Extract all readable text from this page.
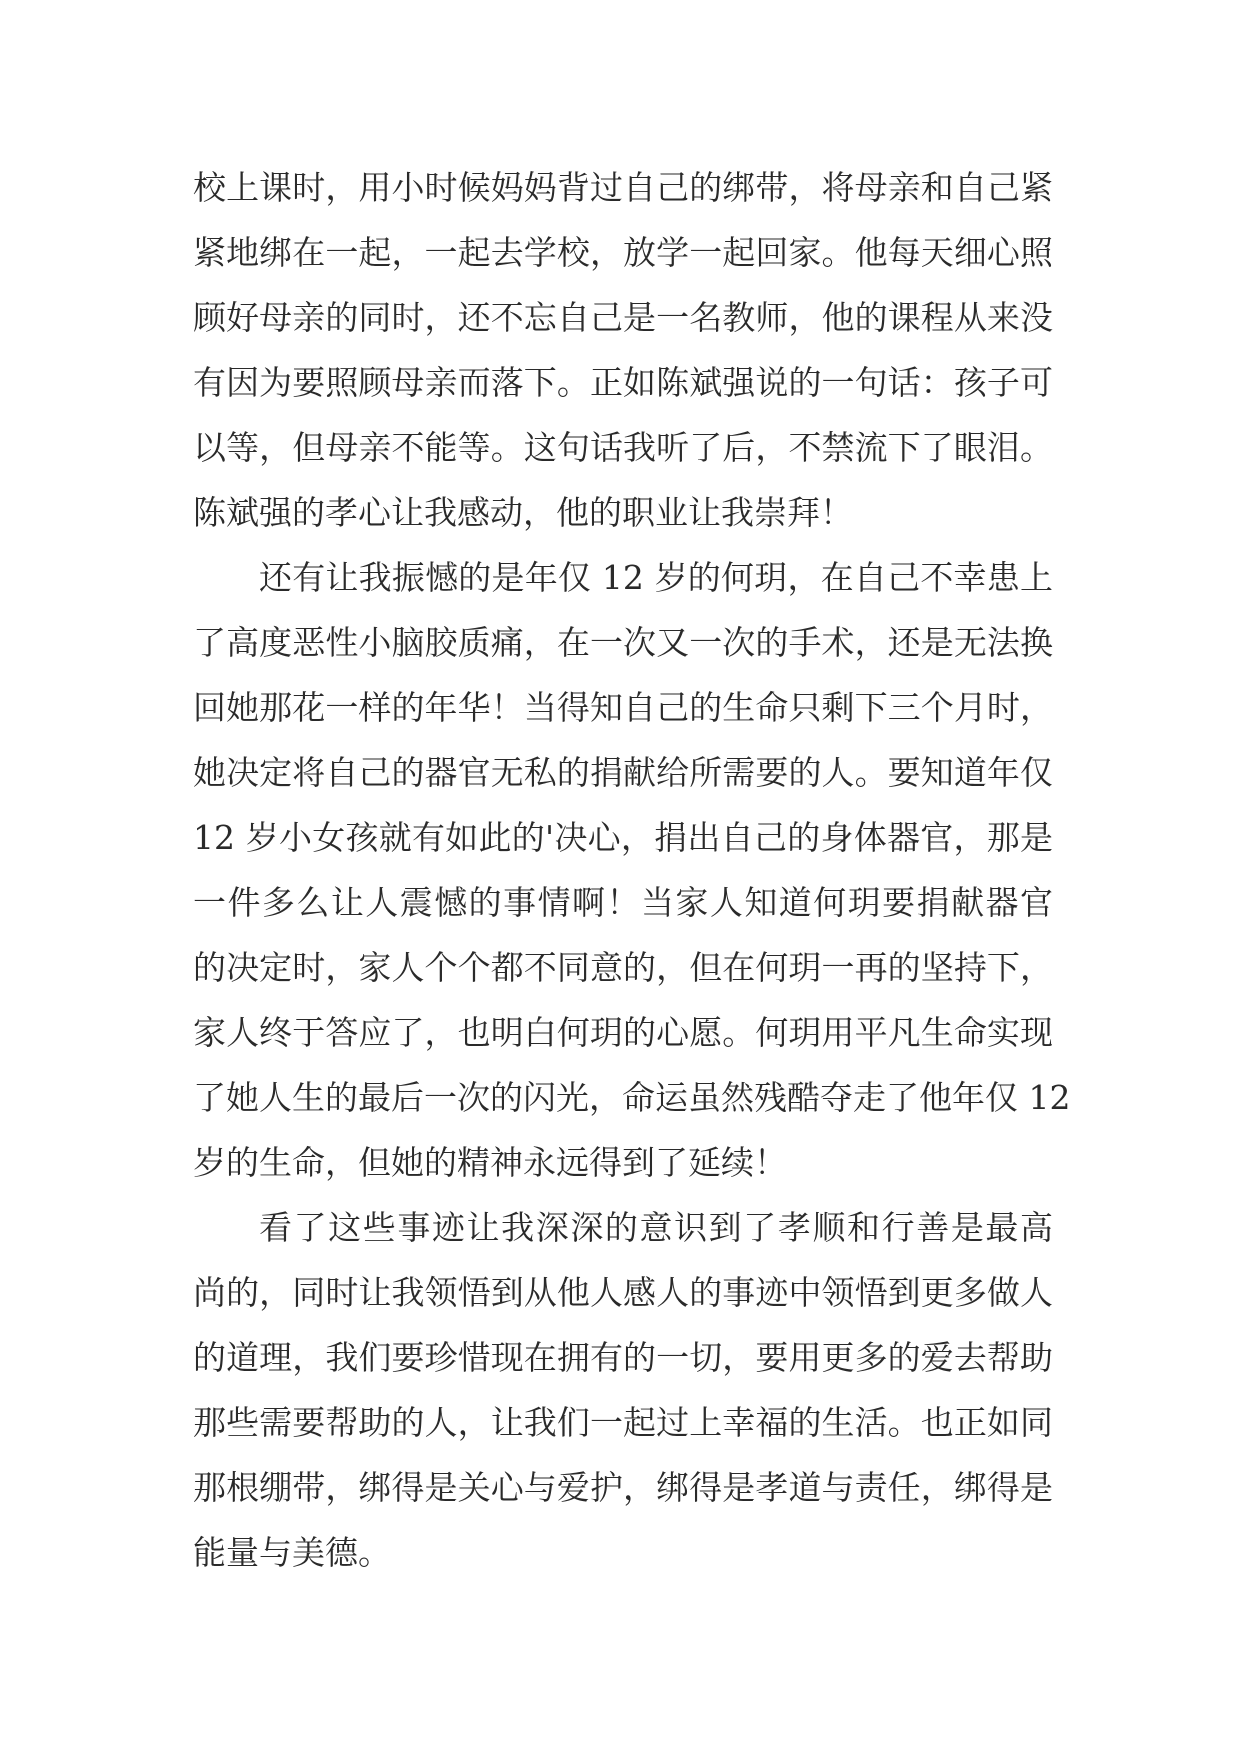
校上课时，用小时候妈妈背过自己的绑带，将母亲和自己紧
紧地绑在一起，一起去学校，放学一起回家。他每天细心照
顾好母亲的同时，还不忘自己是一名教师，他的课程从来没
有因为要照顾母亲而落下。正如陈斌强说的一句话：孩子可
以等，但母亲不能等。这句话我听了后，不禁流下了眼泪。
陈斌强的孝心让我感动，他的职业让我崇拜！
还有让我振憾的是年仅 12 岁的何玥，在自己不幸患上
了高度恶性小脑胶质痛，在一次又一次的手术，还是无法换
回她那花一样的年华！当得知自己的生命只剩下三个月时，
她决定将自己的器官无私的捐献给所需要的人。要知道年仅
12 岁小女孩就有如此的'决心，捐出自己的身体器官，那是
一件多么让人震憾的事情啊！当家人知道何玥要捐献器官
的决定时，家人个个都不同意的，但在何玥一再的坚持下，
家人终于答应了，也明白何玥的心愿。何玥用平凡生命实现
了她人生的最后一次的闪光，命运虽然残酷夺走了他年仅 12
岁的生命，但她的精神永远得到了延续！
看了这些事迹让我深深的意识到了孝顺和行善是最高
尚的，同时让我领悟到从他人感人的事迹中领悟到更多做人
的道理，我们要珍惜现在拥有的一切，要用更多的爱去帮助
那些需要帮助的人，让我们一起过上幸福的生活。也正如同
那根绷带，绑得是关心与爱护，绑得是孝道与责任，绑得是
能量与美德。
